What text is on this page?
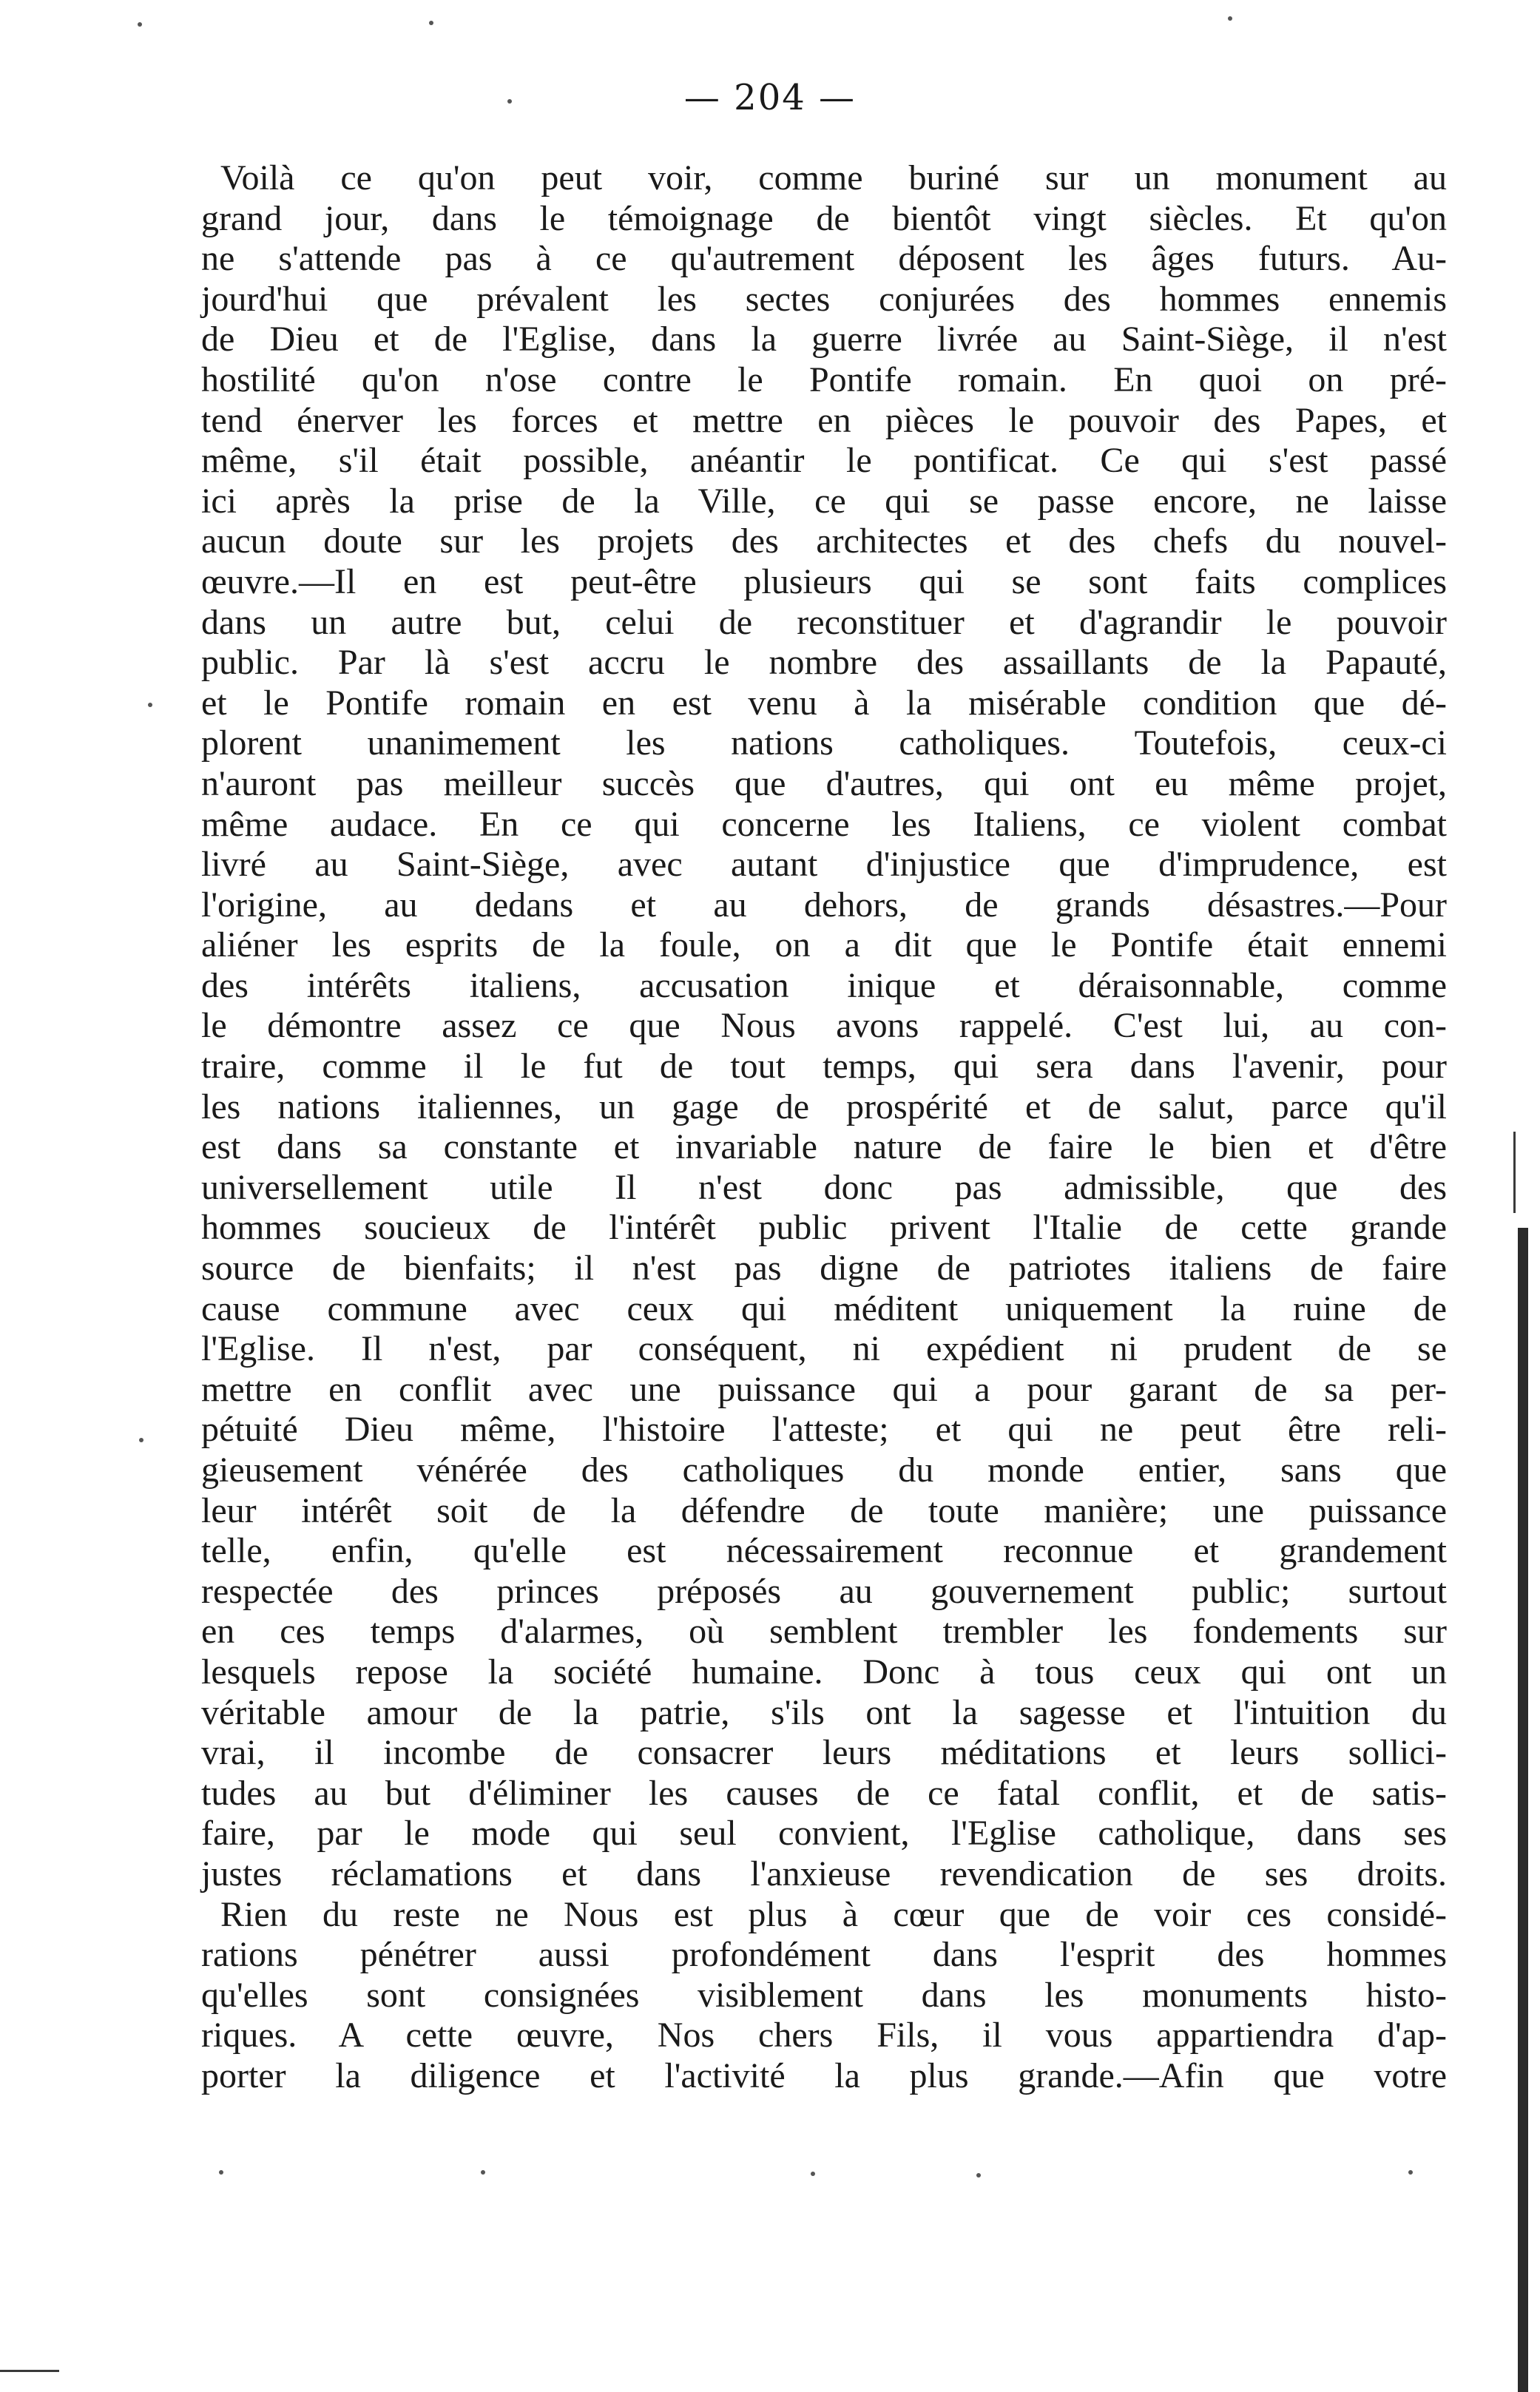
— 204 —
Voilà ce qu'on peut voir, comme buriné sur un monument au
grand jour, dans le témoignage de bientôt vingt siècles. Et qu'on
ne s'attende pas à ce qu'autrement déposent les âges futurs. Au-
jourd'hui que prévalent les sectes conjurées des hommes ennemis
de Dieu et de l'Eglise, dans la guerre livrée au Saint-Siège, il n'est
hostilité qu'on n'ose contre le Pontife romain. En quoi on pré-
tend énerver les forces et mettre en pièces le pouvoir des Papes, et
même, s'il était possible, anéantir le pontificat. Ce qui s'est passé
ici après la prise de la Ville, ce qui se passe encore, ne laisse
aucun doute sur les projets des architectes et des chefs du nouvel-
œuvre.—Il en est peut-être plusieurs qui se sont faits complices
dans un autre but, celui de reconstituer et d'agrandir le pouvoir
public. Par là s'est accru le nombre des assaillants de la Papauté,
et le Pontife romain en est venu à la misérable condition que dé-
plorent unanimement les nations catholiques. Toutefois, ceux-ci
n'auront pas meilleur succès que d'autres, qui ont eu même projet,
même audace. En ce qui concerne les Italiens, ce violent combat
livré au Saint-Siège, avec autant d'injustice que d'imprudence, est
l'origine, au dedans et au dehors, de grands désastres.—Pour
aliéner les esprits de la foule, on a dit que le Pontife était ennemi
des intérêts italiens, accusation inique et déraisonnable, comme
le démontre assez ce que Nous avons rappelé. C'est lui, au con-
traire, comme il le fut de tout temps, qui sera dans l'avenir, pour
les nations italiennes, un gage de prospérité et de salut, parce qu'il
est dans sa constante et invariable nature de faire le bien et d'être
universellement utile Il n'est donc pas admissible, que des
hommes soucieux de l'intérêt public privent l'Italie de cette grande
source de bienfaits; il n'est pas digne de patriotes italiens de faire
cause commune avec ceux qui méditent uniquement la ruine de
l'Eglise. Il n'est, par conséquent, ni expédient ni prudent de se
mettre en conflit avec une puissance qui a pour garant de sa per-
pétuité Dieu même, l'histoire l'atteste; et qui ne peut être reli-
gieusement vénérée des catholiques du monde entier, sans que
leur intérêt soit de la défendre de toute manière; une puissance
telle, enfin, qu'elle est nécessairement reconnue et grandement
respectée des princes préposés au gouvernement public; surtout
en ces temps d'alarmes, où semblent trembler les fondements sur
lesquels repose la société humaine. Donc à tous ceux qui ont un
véritable amour de la patrie, s'ils ont la sagesse et l'intuition du
vrai, il incombe de consacrer leurs méditations et leurs sollici-
tudes au but d'éliminer les causes de ce fatal conflit, et de satis-
faire, par le mode qui seul convient, l'Eglise catholique, dans ses
justes réclamations et dans l'anxieuse revendication de ses droits.
Rien du reste ne Nous est plus à cœur que de voir ces considé-
rations pénétrer aussi profondément dans l'esprit des hommes
qu'elles sont consignées visiblement dans les monuments histo-
riques. A cette œuvre, Nos chers Fils, il vous appartiendra d'ap-
porter la diligence et l'activité la plus grande.—Afin que votre
